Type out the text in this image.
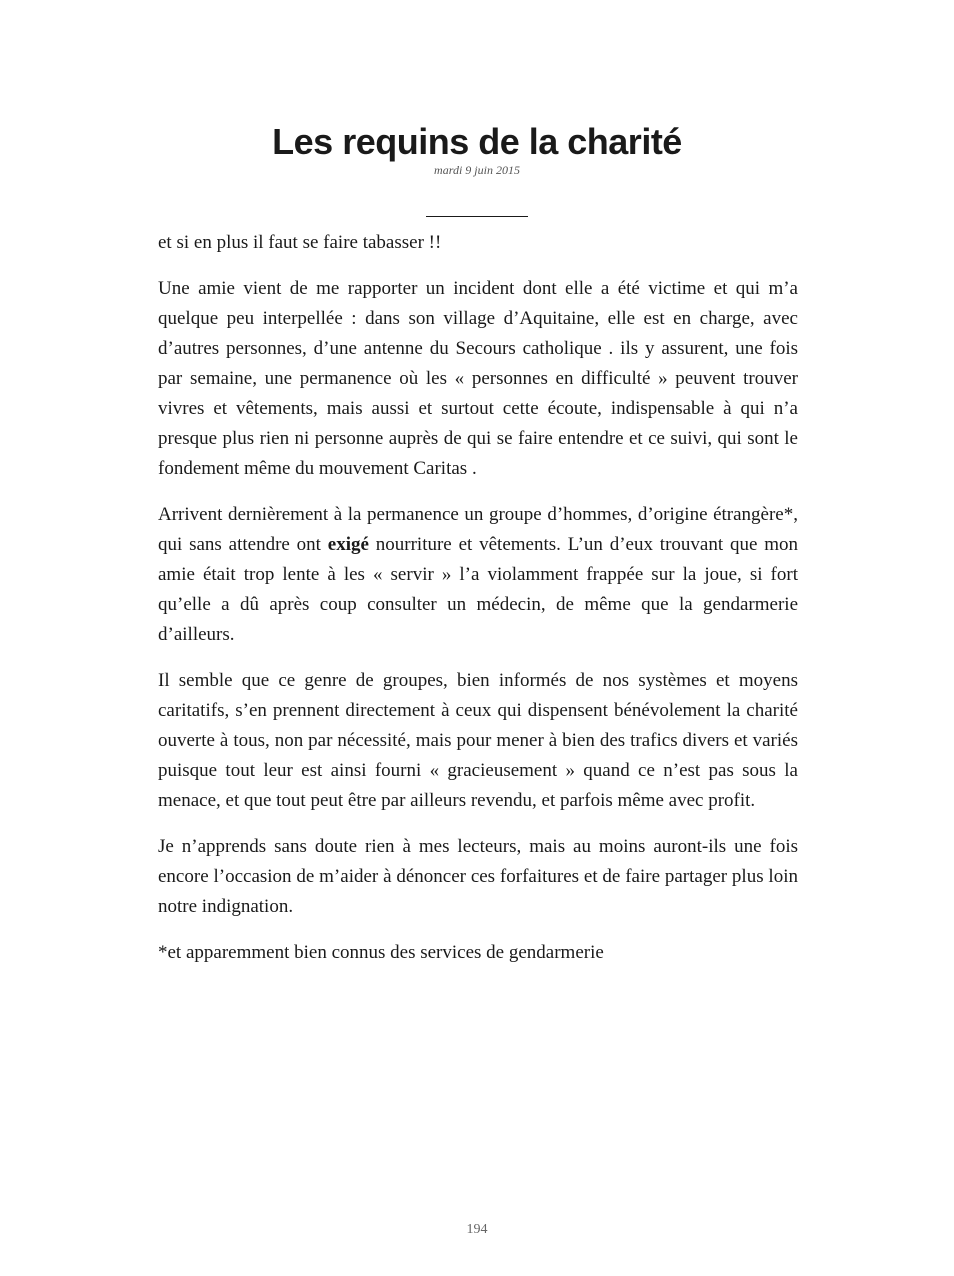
Les requins de la charité
mardi 9 juin 2015

et si en plus il faut se faire tabasser !!

Une amie vient de me rapporter un incident dont elle a été victime et qui m’a quelque peu interpellée : dans son village d’Aquitaine, elle est en charge, avec d’autres personnes, d’une antenne du Secours catholique . ils y assurent, une fois par semaine, une permanence où les « personnes en difficulté » peuvent trouver vivres et vêtements, mais aussi et surtout cette écoute, indispensable à qui n’a presque plus rien ni personne auprès de qui se faire entendre et ce suivi, qui sont le fondement même du mouvement Caritas .

Arrivent dernièrement à la permanence un groupe d’hommes, d’origine étrangère*, qui sans attendre ont exigé nourriture et vêtements. L’un d’eux trouvant que mon amie était trop lente à les « servir » l’a violamment frappée sur la joue, si fort qu’elle a dû après coup consulter un médecin, de même que la gendarmerie d’ailleurs.

Il semble que ce genre de groupes, bien informés de nos systèmes et moyens caritatifs, s’en prennent directement à ceux qui dispensent bénévolement la charité ouverte à tous, non par nécessité, mais pour mener à bien des trafics divers et variés puisque tout leur est ainsi fourni « gracieusement » quand ce n’est pas sous la menace, et que tout peut être par ailleurs revendu, et parfois même avec profit.

Je n’apprends sans doute rien à mes lecteurs, mais au moins auront-ils une fois encore l’occasion de m’aider à dénoncer ces forfaitures et de faire partager plus loin notre indignation.

*et apparemment bien connus des services de gendarmerie

194
